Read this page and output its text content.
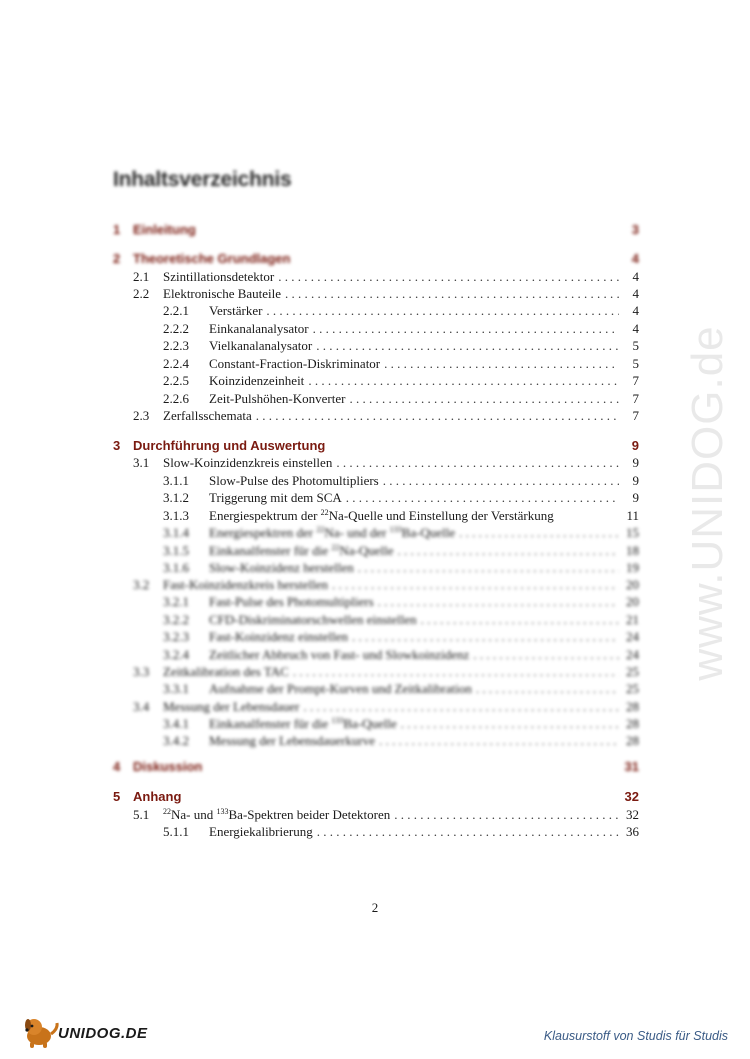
www.UNIDOG.de
Inhaltsverzeichnis
1 Einleitung	3
2 Theoretische Grundlagen	4
2.1	Szintillationsdetektor . . .	4
2.2	Elektronische Bauteile . . .	4
2.2.1	Verstärker . . .	4
2.2.2	Einkanalanalysator . . .	4
2.2.3	Vielkanalanalysator . . .	5
2.2.4	Constant-Fraction-Diskriminator . . .	5
2.2.5	Koinzidenzeinheit . . .	7
2.2.6	Zeit-Pulshöhen-Konverter . . .	7
2.3	Zerfallsschemata . . .	7
3 Durchführung und Auswertung	9
3.1	Slow-Koinzidenzkreis einstellen . . .	9
3.1.1	Slow-Pulse des Photomultipliers . . .	9
3.1.2	Triggerung mit dem SCA . . .	9
3.1.3	Energiespektrum der $^{22}$Na-Quelle und Einstellung der Verstärkung	11
3.1.4	Energiespektren der $^{22}$Na- und der $^{133}$Ba-Quelle . . .	15
3.1.5	Einkanalfenster für die $^{22}$Na-Quelle . . .	18
3.1.6	Slow-Koinzidenz herstellen . . .	19
3.2	Fast-Koinzidenzkreis herstellen . . .	20
3.2.1	Fast-Pulse des Photomultipliers . . .	20
3.2.2	CFD-Diskriminatorschwellen einstellen . . .	21
3.2.3	Fast-Koinzidenz einstellen . . .	24
3.2.4	Zeitlicher Abbruch von Fast- und Slowkoinzidenz . . .	24
3.3	Zeitkalibration des TAC . . .	25
3.3.1	Aufnahme der Prompt-Kurven und Zeitkalibration . . .	25
3.4	Messung der Lebensdauer . . .	28
3.4.1	Einkanalfenster für die $^{133}$Ba-Quelle . . .	28
3.4.2	Messung der Lebensdauerkurve . . .	28
4 Diskussion	31
5 Anhang	32
5.1	$^{22}$Na- und $^{133}$Ba-Spektren beider Detektoren . . .	32
5.1.1	Energiekalibrierung . . .	36
2
UNIDOG.DE	Klausurstoff von Studis für Studis
